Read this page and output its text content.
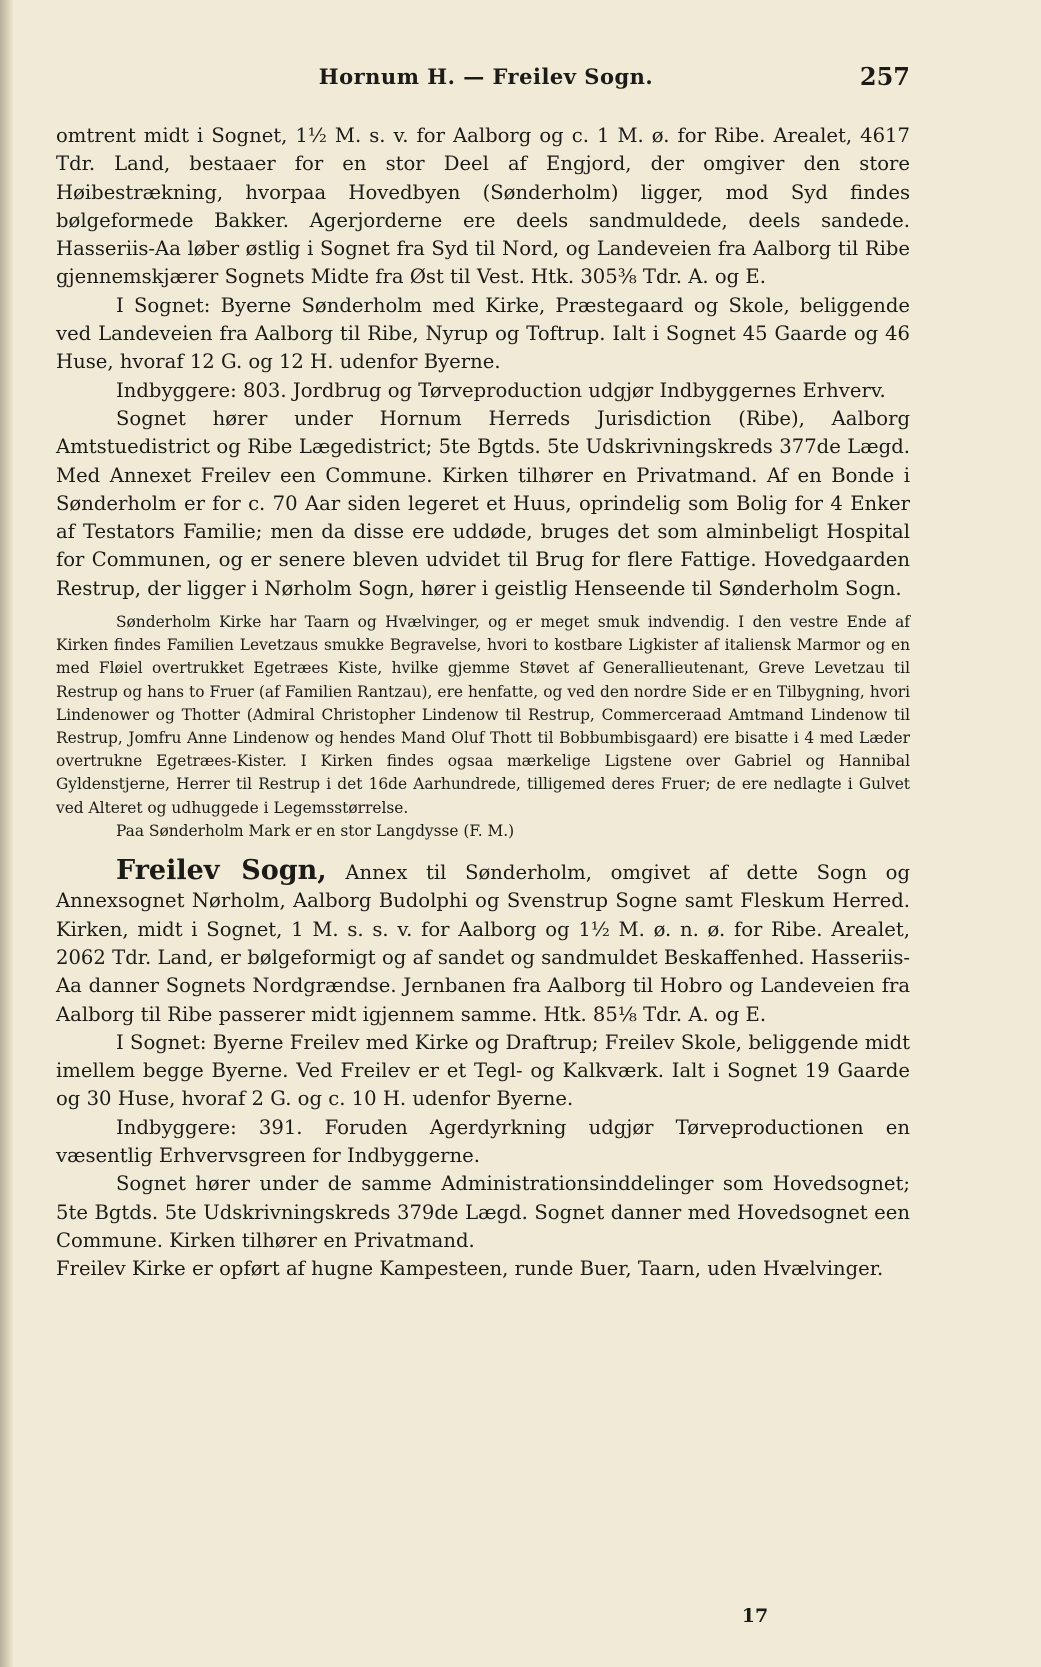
Hornum H. — Freilev Sogn.	257

omtrent midt i Sognet, 1½ M. s. v. for Aalborg og c. 1 M. ø. for Ribe. Arealet, 4617 Tdr. Land, bestaaer for en stor Deel af Engjord, der omgiver den store Høibestrækning, hvorpaa Hovedbyen (Sønderholm) ligger, mod Syd findes bølgeformede Bakker. Agerjorderne ere deels sandmuldede, deels sandede. Hasseriis-Aa løber østlig i Sognet fra Syd til Nord, og Landeveien fra Aalborg til Ribe gjennemskjærer Sognets Midte fra Øst til Vest. Htk. 305⅜ Tdr. A. og E.

I Sognet: Byerne Sønderholm med Kirke, Præstegaard og Skole, beliggende ved Landeveien fra Aalborg til Ribe, Nyrup og Toftrup. Ialt i Sognet 45 Gaarde og 46 Huse, hvoraf 12 G. og 12 H. udenfor Byerne.

Indbyggere: 803. Jordbrug og Tørveproduction udgjør Indbyggernes Erhverv.

Sognet hører under Hornum Herreds Jurisdiction (Ribe), Aalborg Amtstuedistrict og Ribe Lægedistrict; 5te Bgtds. 5te Udskrivningskreds 377de Lægd. Med Annexet Freilev een Commune. Kirken tilhører en Privatmand. Af en Bonde i Sønderholm er for c. 70 Aar siden legeret et Huus, oprindelig som Bolig for 4 Enker af Testators Familie; men da disse ere uddøde, bruges det som alminbeligt Hospital for Communen, og er senere bleven udvidet til Brug for flere Fattige. Hovedgaarden Restrup, der ligger i Nørholm Sogn, hører i geistlig Henseende til Sønderholm Sogn.

Sønderholm Kirke har Taarn og Hvælvinger, og er meget smuk indvendig. I den vestre Ende af Kirken findes Familien Levetzaus smukke Begravelse, hvori to kostbare Ligkister af italiensk Marmor og en med Fløiel overtrukket Egetræes Kiste, hvilke gjemme Støvet af Generallieutenant, Greve Levetzau til Restrup og hans to Fruer (af Familien Rantzau), ere henfatte, og ved den nordre Side er en Tilbygning, hvori Lindenower og Thotter (Admiral Christopher Lindenow til Restrup, Commerceraad Amtmand Lindenow til Restrup, Jomfru Anne Lindenow og hendes Mand Oluf Thott til Bobbumbisgaard) ere bisatte i 4 med Læder overtrukne Egetræes-Kister. I Kirken findes ogsaa mærkelige Ligstene over Gabriel og Hannibal Gyldenstjerne, Herrer til Restrup i det 16de Aarhundrede, tilligemed deres Fruer; de ere nedlagte i Gulvet ved Alteret og udhuggede i Legemsstørrelse.

Paa Sønderholm Mark er en stor Langdysse (F. M.)

Freilev Sogn, Annex til Sønderholm, omgivet af dette Sogn og Annexsognet Nørholm, Aalborg Budolphi og Svenstrup Sogne samt Fleskum Herred. Kirken, midt i Sognet, 1 M. s. s. v. for Aalborg og 1½ M. ø. n. ø. for Ribe. Arealet, 2062 Tdr. Land, er bølgeformigt og af sandet og sandmuldet Beskaffenhed. Hasseriis-Aa danner Sognets Nordgrændse. Jernbanen fra Aalborg til Hobro og Landeveien fra Aalborg til Ribe passerer midt igjennem samme. Htk. 85⅛ Tdr. A. og E.

I Sognet: Byerne Freilev med Kirke og Draftrup; Freilev Skole, beliggende midt imellem begge Byerne. Ved Freilev er et Tegl- og Kalkværk. Ialt i Sognet 19 Gaarde og 30 Huse, hvoraf 2 G. og c. 10 H. udenfor Byerne.

Indbyggere: 391. Foruden Agerdyrkning udgjør Tørveproductionen en væsentlig Erhvervsgreen for Indbyggerne.

Sognet hører under de samme Administrationsinddelinger som Hovedsognet; 5te Bgtds. 5te Udskrivningskreds 379de Lægd. Sognet danner med Hovedsognet een Commune. Kirken tilhører en Privatmand.

Freilev Kirke er opført af hugne Kampesteen, runde Buer, Taarn, uden Hvælvinger.

17
